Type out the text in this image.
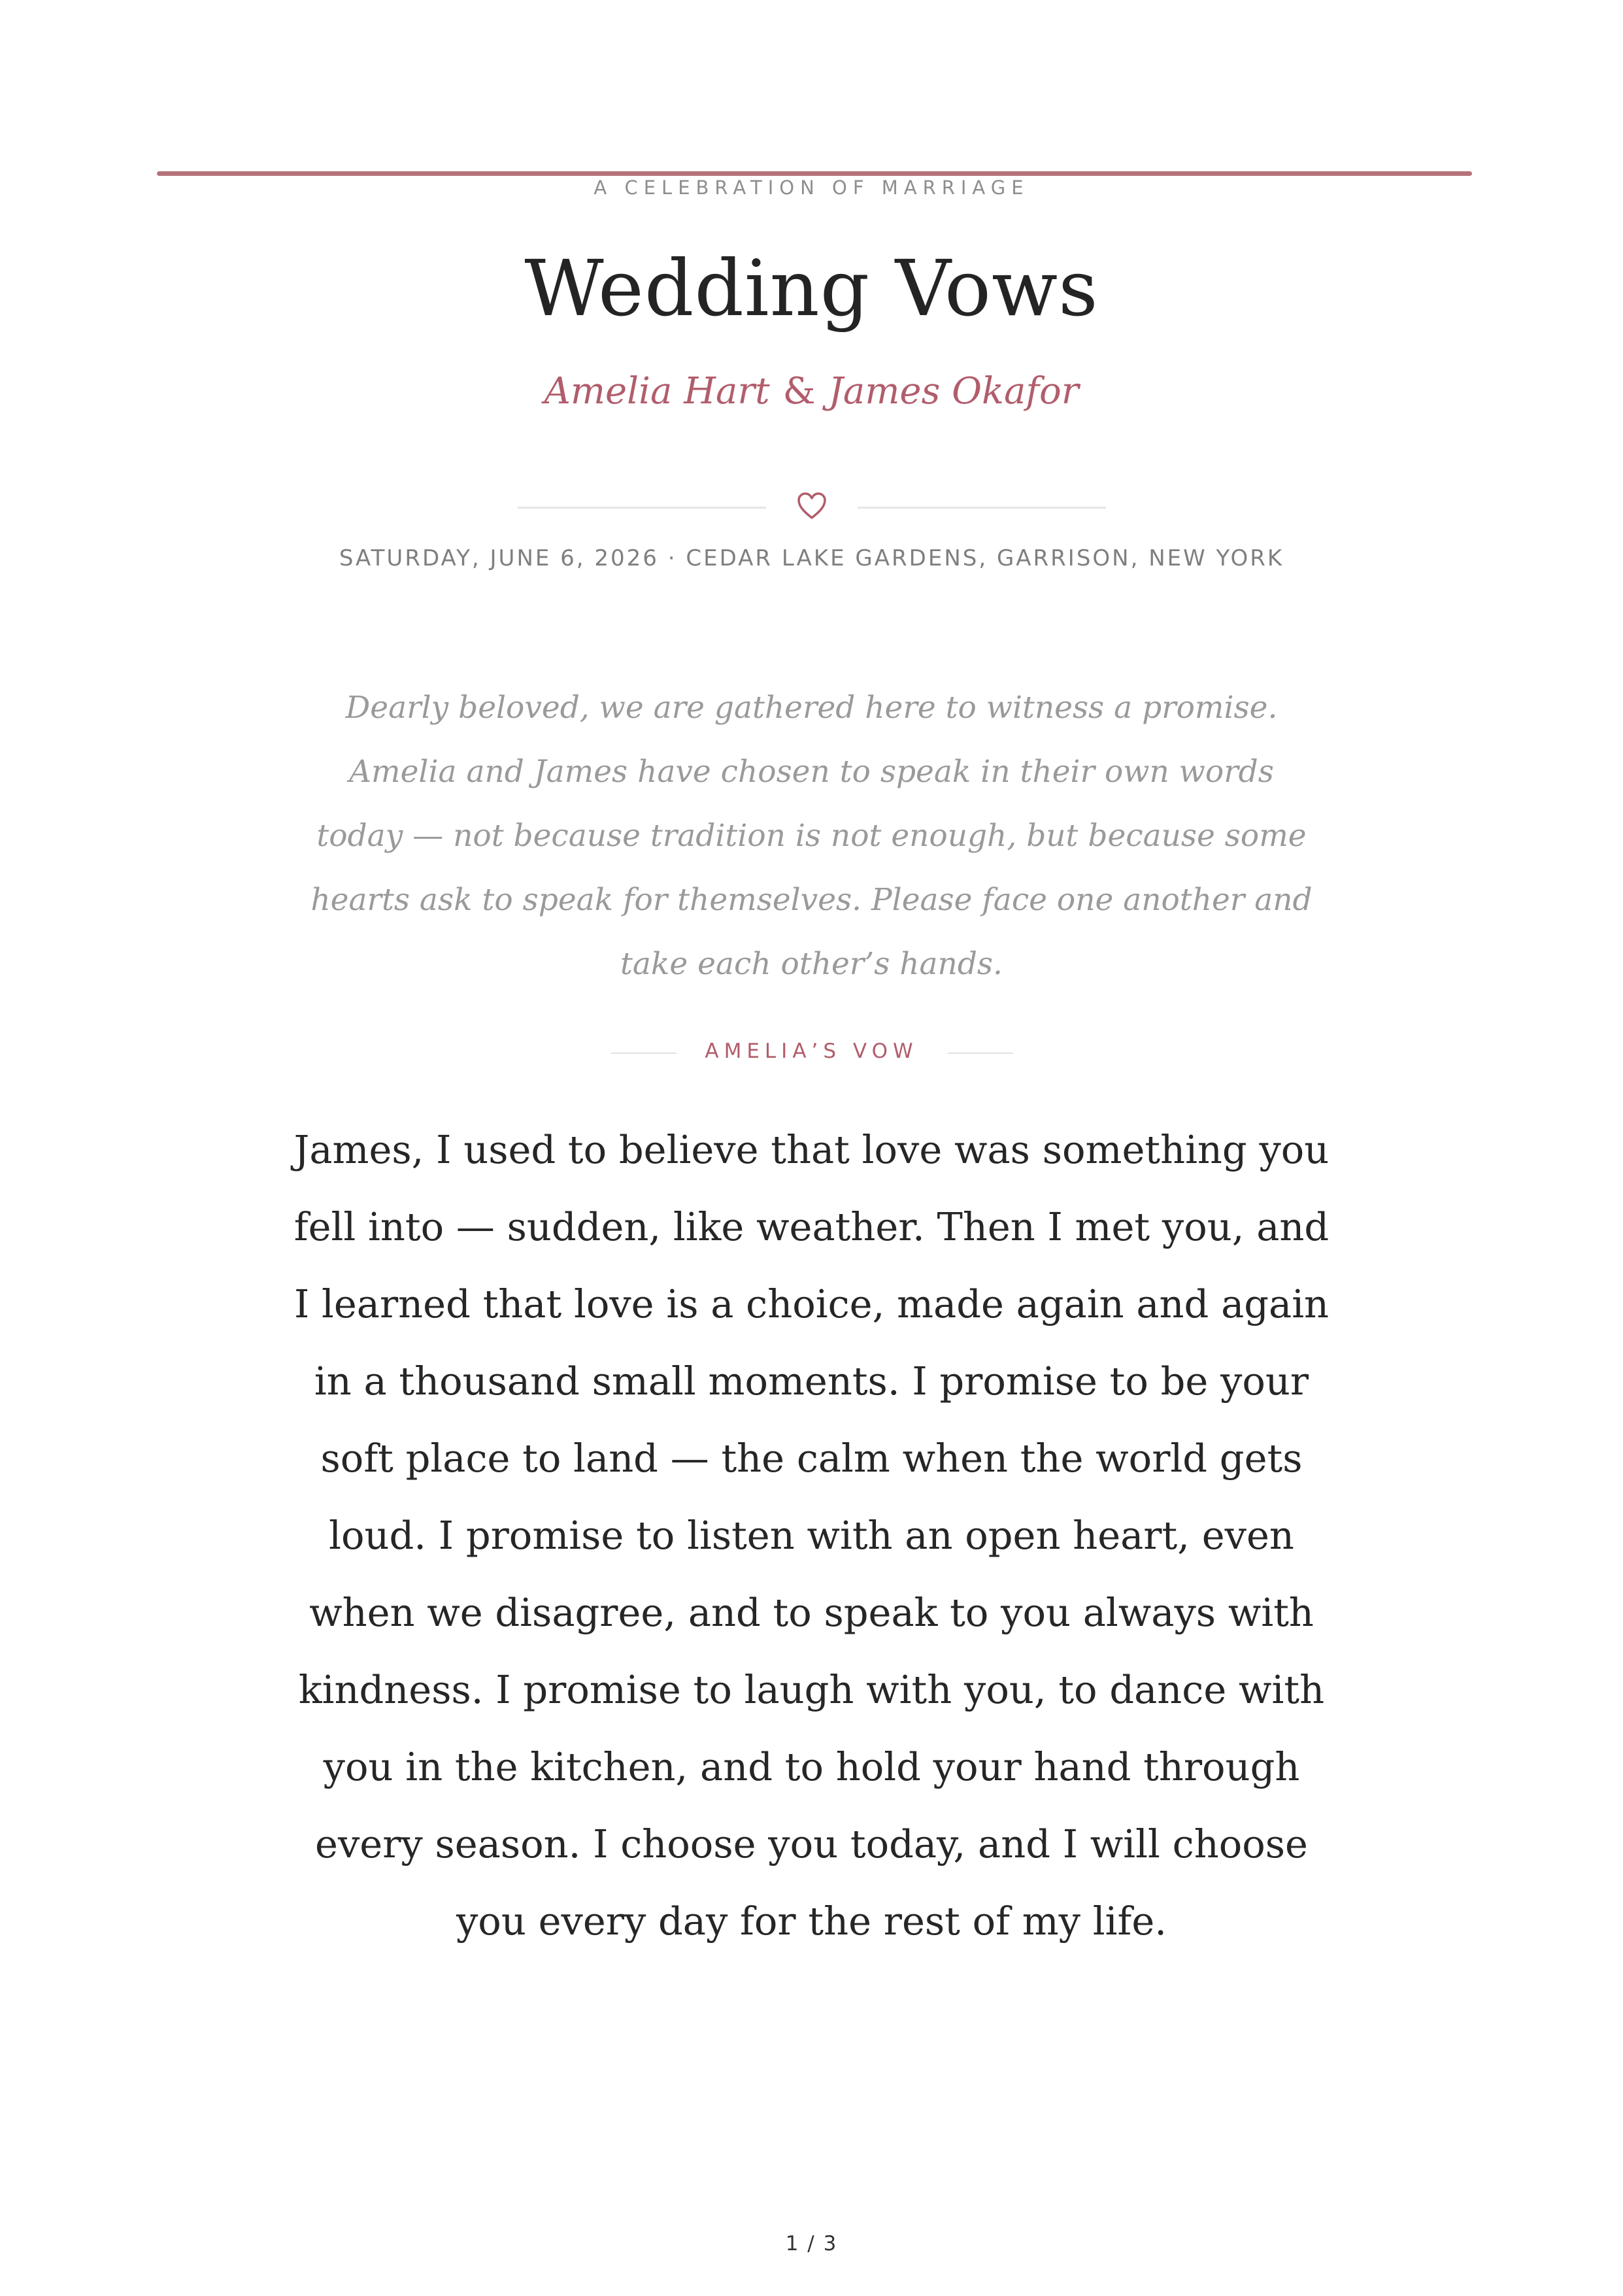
A CELEBRATION OF MARRIAGE
Wedding Vows
Amelia Hart & James Okafor
SATURDAY, JUNE 6, 2026 · CEDAR LAKE GARDENS, GARRISON, NEW YORK

Dearly beloved, we are gathered here to witness a promise. Amelia and James have chosen to speak in their own words today — not because tradition is not enough, but because some hearts ask to speak for themselves. Please face one another and take each other’s hands.

AMELIA’S VOW

James, I used to believe that love was something you fell into — sudden, like weather. Then I met you, and I learned that love is a choice, made again and again in a thousand small moments. I promise to be your soft place to land — the calm when the world gets loud. I promise to listen with an open heart, even when we disagree, and to speak to you always with kindness. I promise to laugh with you, to dance with you in the kitchen, and to hold your hand through every season. I choose you today, and I will choose you every day for the rest of my life.

1 / 3
